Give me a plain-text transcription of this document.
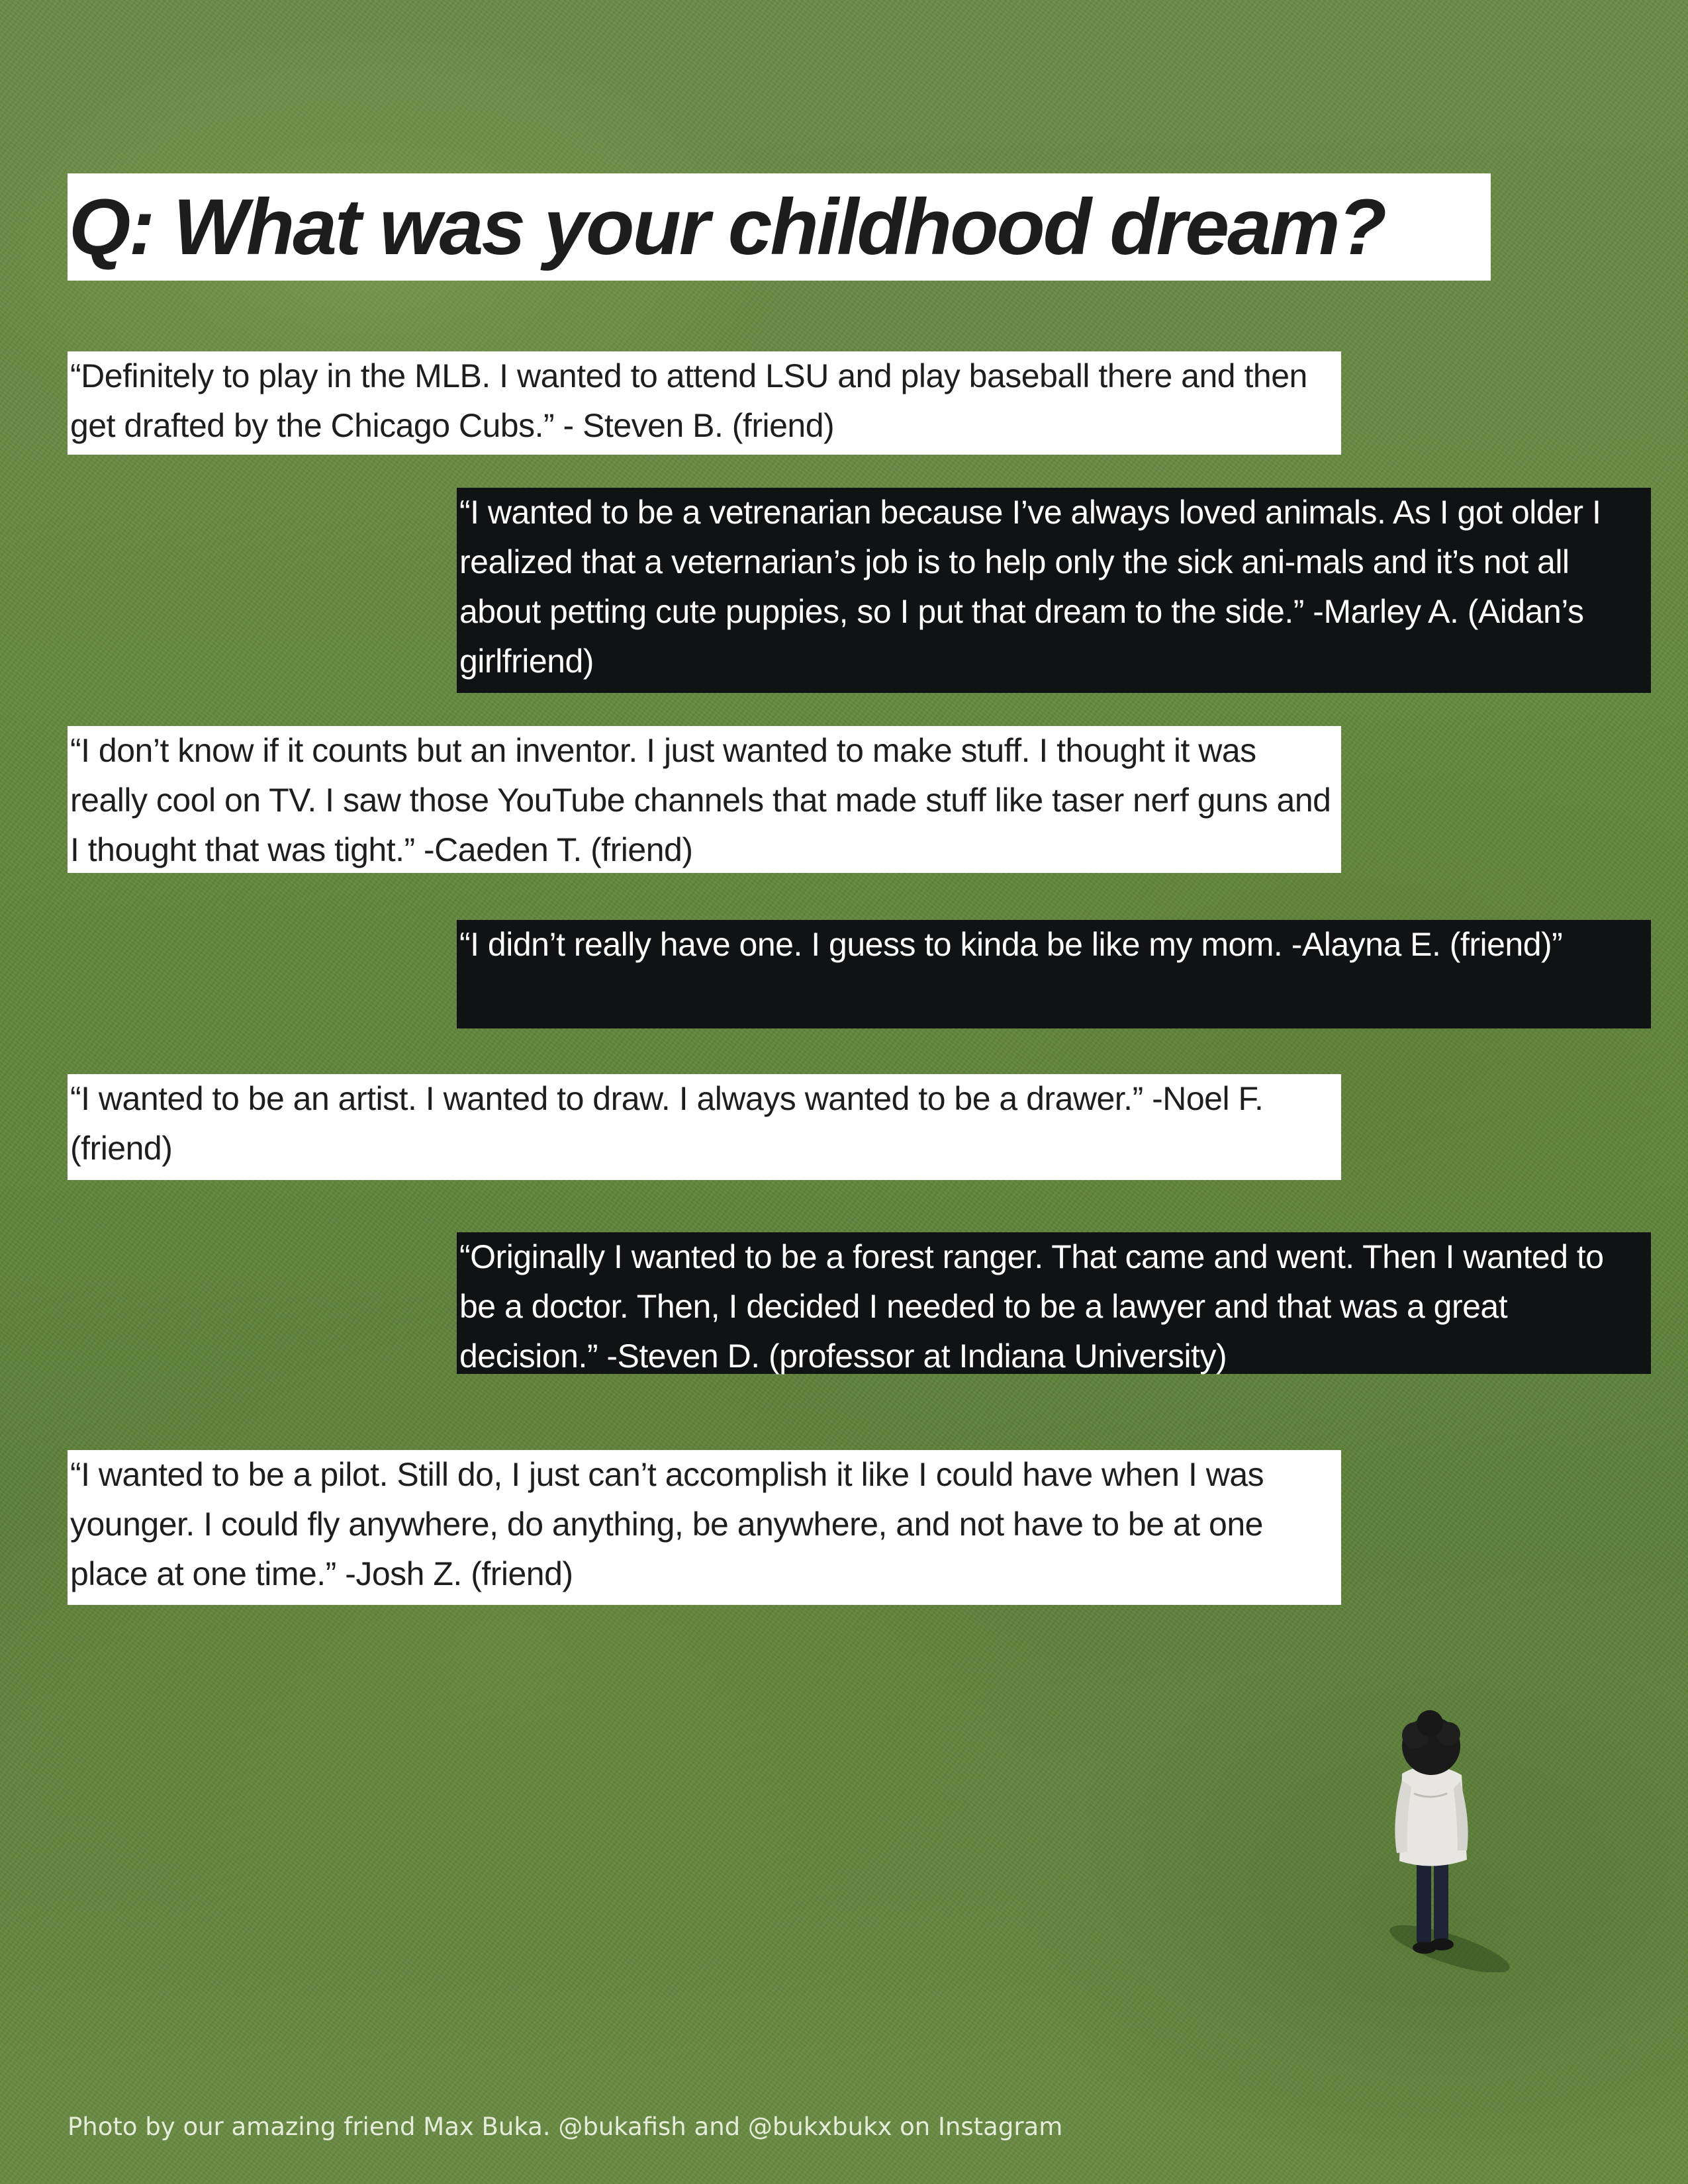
Q: What was your childhood dream?

“Definitely to play in the MLB. I wanted to attend LSU and play baseball there and then get drafted by the Chicago Cubs.” - Steven B. (friend)

“I wanted to be a vetrenarian because I’ve always loved animals. As I got older I realized that a veternarian’s job is to help only the sick ani-mals and it’s not all about petting cute puppies, so I put that dream to the side.” -Marley A. (Aidan’s girlfriend)

“I don’t know if it counts but an inventor. I just wanted to make stuff. I thought it was really cool on TV. I saw those YouTube channels that made stuff like taser nerf guns and I thought that was tight.” -Caeden T. (friend)

“I didn’t really have one. I guess to kinda be like my mom. -Alayna E. (friend)”

“I wanted to be an artist. I wanted to draw. I always wanted to be a drawer.” -Noel F. (friend)

“Originally I wanted to be a forest ranger. That came and went. Then I wanted to be a doctor. Then, I decided I needed to be a lawyer and that was a great decision.” -Steven D. (professor at Indiana University)

“I wanted to be a pilot. Still do, I just can’t accomplish it like I could have when I was younger. I could fly anywhere, do anything, be anywhere, and not have to be at one place at one time.” -Josh Z. (friend)

Photo by our amazing friend Max Buka. @bukafish and @bukxbukx on Instagram
